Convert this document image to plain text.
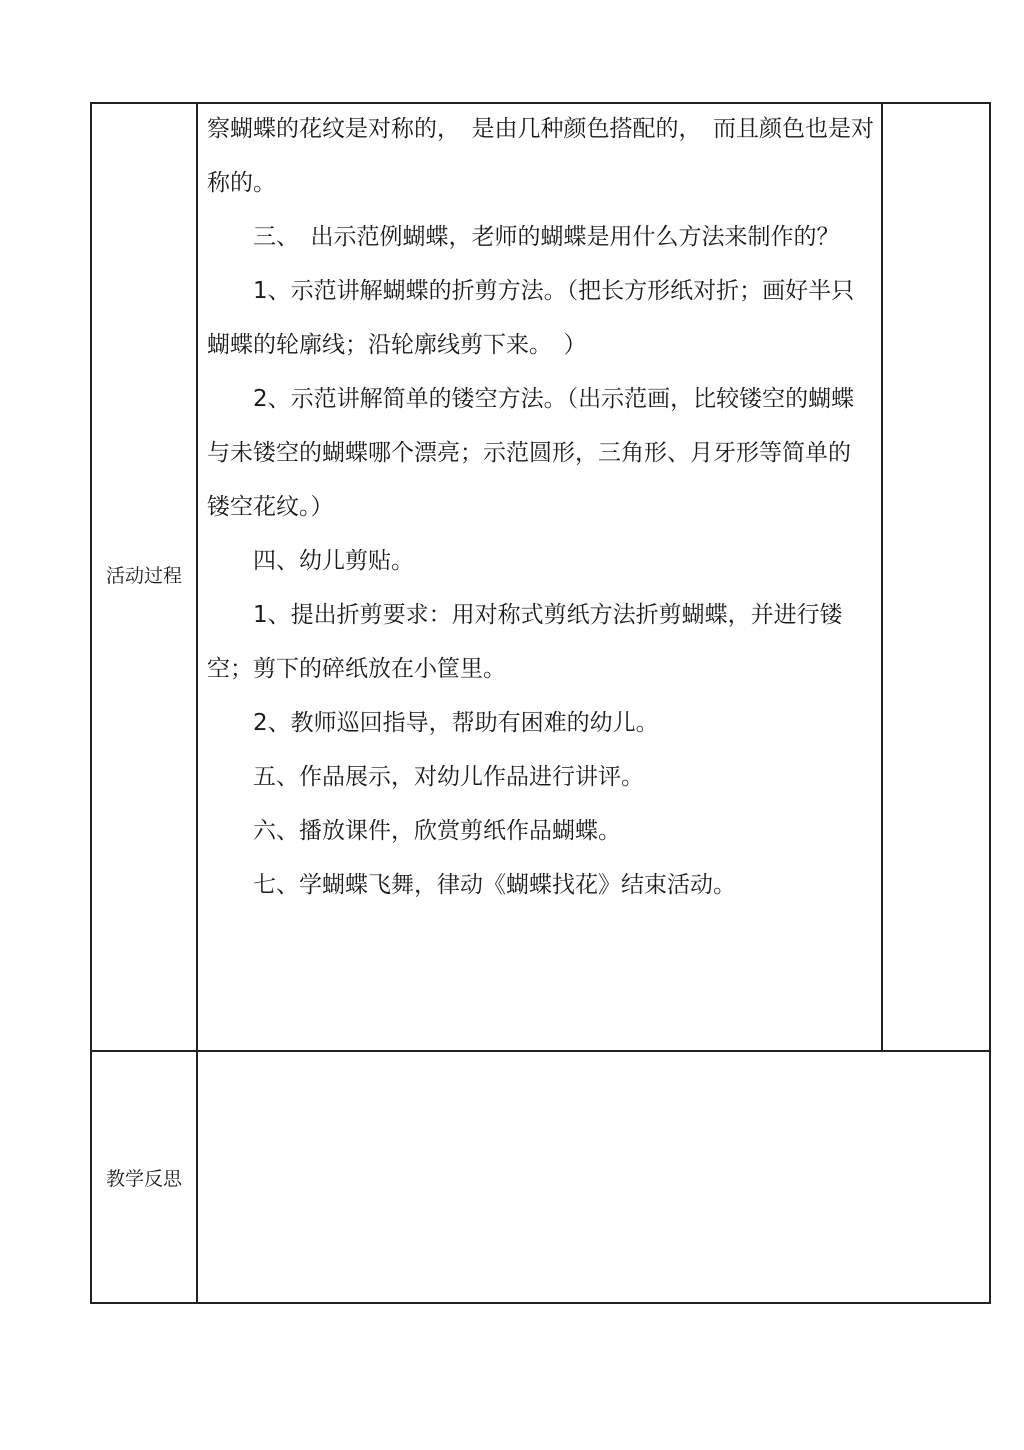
活动过程

察蝴蝶的花纹是对称的，　是由几种颜色搭配的，　而且颜色也是对

称的。

三、　出示范例蝴蝶，老师的蝴蝶是用什么方法来制作的？

1、示范讲解蝴蝶的折剪方法。（把长方形纸对折；画好半只

蝴蝶的轮廓线；沿轮廓线剪下来。　）

2、示范讲解简单的镂空方法。（出示范画，比较镂空的蝴蝶

与未镂空的蝴蝶哪个漂亮；示范圆形，三角形、月牙形等简单的

镂空花纹。）

四、幼儿剪贴。

1、提出折剪要求：用对称式剪纸方法折剪蝴蝶，并进行镂

空；剪下的碎纸放在小筐里。

2、教师巡回指导，帮助有困难的幼儿。

五、作品展示，对幼儿作品进行讲评。

六、播放课件，欣赏剪纸作品蝴蝶。

七、学蝴蝶飞舞，律动《蝴蝶找花》结束活动。

教学反思
